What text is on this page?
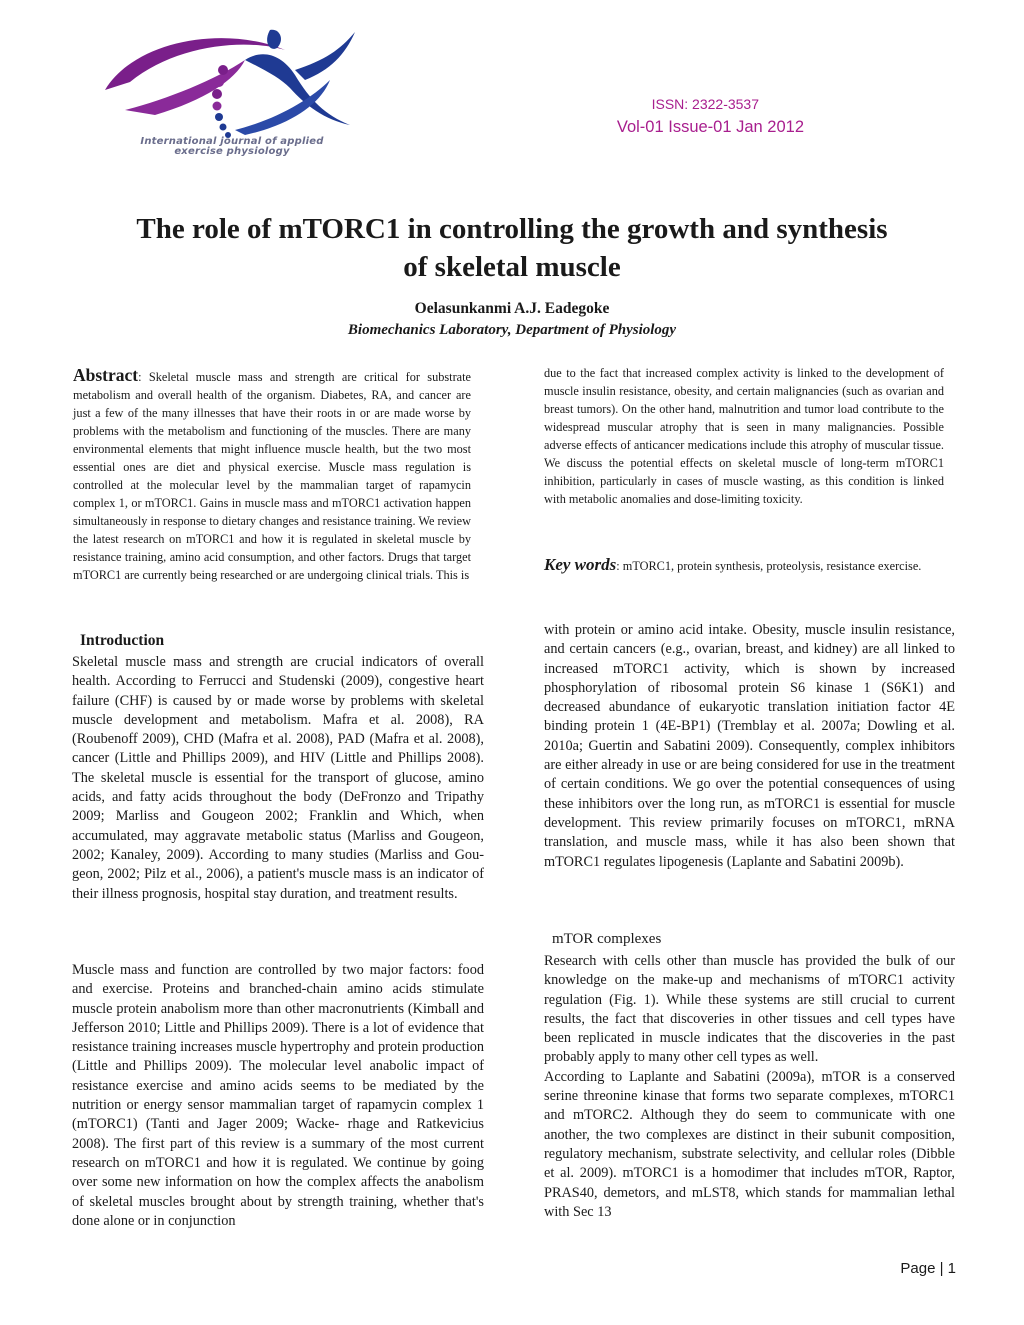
International journal of applied
exercise physiology
ISSN: 2322-3537
Vol-01 Issue-01 Jan 2012
The role of mTORC1 in controlling the growth and synthesis
of skeletal muscle
Oelasunkanmi A.J. Eadegoke
Biomechanics Laboratory, Department of Physiology
Abstract: Skeletal muscle mass and strength are critical for substrate metabolism and overall health of the organism. Diabetes, RA, and cancer are just a few of the many illnesses that have their roots in or are made worse by problems with the metabolism and functioning of the muscles. There are many environmental elements that might influence muscle health, but the two most essential ones are diet and physical exercise. Muscle mass regulation is controlled at the molecular level by the mammalian target of rapamycin complex 1, or mTORC1. Gains in muscle mass and mTORC1 activation happen simultaneously in response to dietary changes and resistance training. We review the latest research on mTORC1 and how it is regulated in skeletal muscle by resistance training, amino acid consumption, and other factors. Drugs that target mTORC1 are currently being researched or are undergoing clinical trials. This is
due to the fact that increased complex activity is linked to the development of muscle insulin resistance, obesity, and certain malignancies (such as ovarian and breast tumors). On the other hand, malnutrition and tumor load contribute to the widespread muscular atrophy that is seen in many malignancies. Possible adverse effects of anticancer medications include this atrophy of muscular tissue. We discuss the potential effects on skeletal muscle of long-term mTORC1 inhibition, particularly in cases of muscle wasting, as this condition is linked with metabolic anomalies and dose-limiting toxicity.
Key words: mTORC1, protein synthesis, proteolysis, resistance exercise.
Introduction
Skeletal muscle mass and strength are crucial indicators of overall health. According to Ferrucci and Studenski (2009), congestive heart failure (CHF) is caused by or made worse by problems with skeletal muscle development and metabolism. Mafra et al. 2008), RA (Roubenoff 2009), CHD (Mafra et al. 2008), PAD (Mafra et al. 2008), cancer (Little and Phillips 2009), and HIV (Little and Phillips 2008). The skeletal muscle is essential for the transport of glucose, amino acids, and fatty acids throughout the body (DeFronzo and Tripathy 2009; Marliss and Gougeon 2002; Franklin and Which, when accumulated, may aggravate metabolic status (Marliss and Gougeon, 2002; Kanaley, 2009). According to many studies (Marliss and Gou-geon, 2002; Pilz et al., 2006), a patient's muscle mass is an indicator of their illness prognosis, hospital stay duration, and treatment results.
Muscle mass and function are controlled by two major factors: food and exercise. Proteins and branched-chain amino acids stimulate muscle protein anabolism more than other macronutrients (Kimball and Jefferson 2010; Little and Phillips 2009). There is a lot of evidence that resistance training increases muscle hypertrophy and protein production (Little and Phillips 2009). The molecular level anabolic impact of resistance exercise and amino acids seems to be mediated by the nutrition or energy sensor mammalian target of rapamycin complex 1 (mTORC1) (Tanti and Jager 2009; Wacke- rhage and Ratkevicius 2008). The first part of this review is a summary of the most current research on mTORC1 and how it is regulated. We continue by going over some new information on how the complex affects the anabolism of skeletal muscles brought about by strength training, whether that's done alone or in conjunction
with protein or amino acid intake. Obesity, muscle insulin resistance, and certain cancers (e.g., ovarian, breast, and kidney) are all linked to increased mTORC1 activity, which is shown by increased phosphorylation of ribosomal protein S6 kinase 1 (S6K1) and decreased abundance of eukaryotic translation initiation factor 4E binding protein 1 (4E-BP1) (Tremblay et al. 2007a; Dowling et al. 2010a; Guertin and Sabatini 2009). Consequently, complex inhibitors are either already in use or are being considered for use in the treatment of certain conditions. We go over the potential consequences of using these inhibitors over the long run, as mTORC1 is essential for muscle development. This review primarily focuses on mTORC1, mRNA translation, and muscle mass, while it has also been shown that mTORC1 regulates lipogenesis (Laplante and Sabatini 2009b).
mTOR complexes
Research with cells other than muscle has provided the bulk of our knowledge on the make-up and mechanisms of mTORC1 activity regulation (Fig. 1). While these systems are still crucial to current results, the fact that discoveries in other tissues and cell types have been replicated in muscle indicates that the discoveries in the past probably apply to many other cell types as well.
According to Laplante and Sabatini (2009a), mTOR is a conserved serine threonine kinase that forms two separate complexes, mTORC1 and mTORC2. Although they do seem to communicate with one another, the two complexes are distinct in their subunit composition, regulatory mechanism, substrate selectivity, and cellular roles (Dibble et al. 2009). mTORC1 is a homodimer that includes mTOR, Raptor, PRAS40, demetors, and mLST8, which stands for mammalian lethal with Sec 13
Page | 1
